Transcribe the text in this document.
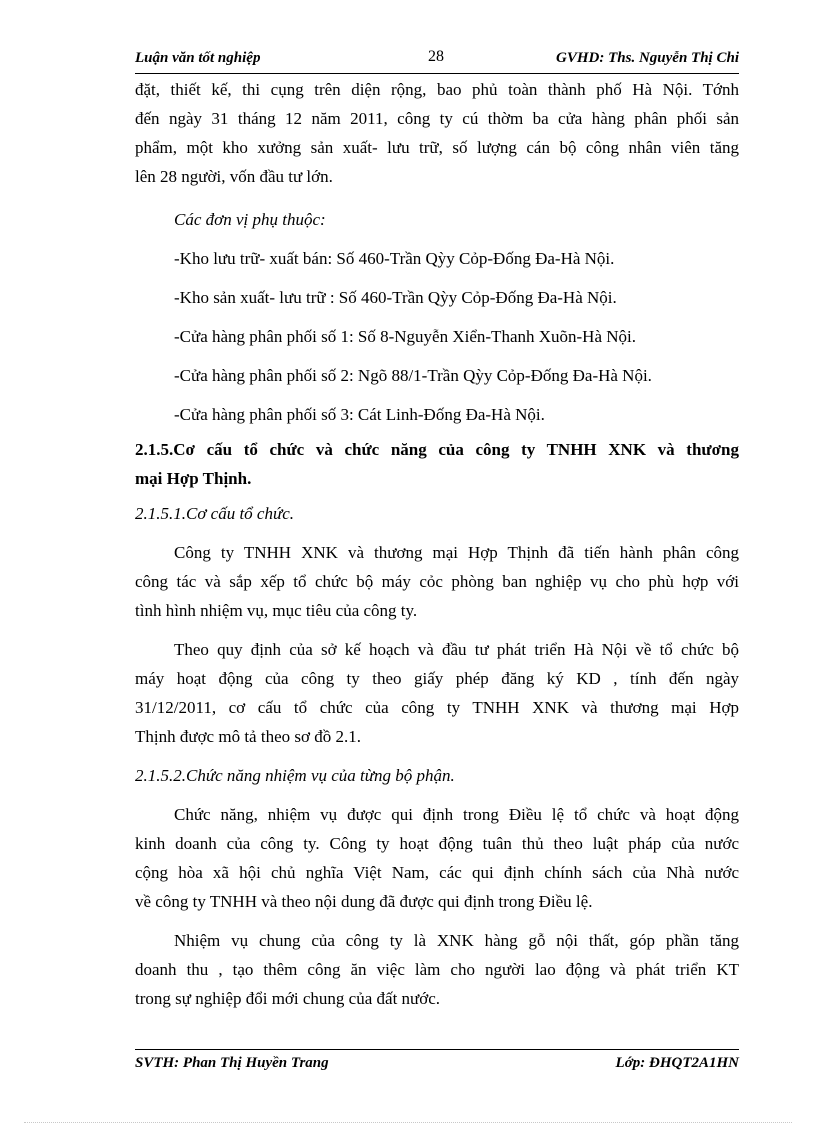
Luận văn tốt nghiệp	28	GVHD: Ths. Nguyễn Thị Chi

đặt, thiết kế, thi cụng trên diện rộng, bao phủ toàn thành phố Hà Nội. Tớnh

đến ngày 31 tháng 12 năm 2011, công ty cú thờm ba cửa hàng phân phối sản

phẩm, một kho xưởng sản xuất- lưu trữ, số lượng cán bộ công nhân viên tăng

lên 28 người, vốn đầu tư lớn.

Các đơn vị phụ thuộc:

-Kho lưu trữ- xuất bán: Số 460-Trần Qỳy Cỏp-Đống Đa-Hà Nội.

-Kho sản xuất- lưu trữ : Số 460-Trần Qỳy Cỏp-Đống Đa-Hà Nội.

-Cửa hàng phân phối số 1: Số 8-Nguyễn Xiển-Thanh Xuõn-Hà Nội.

-Cửa hàng phân phối số 2: Ngõ 88/1-Trần Qỳy Cỏp-Đống Đa-Hà Nội.

-Cửa hàng phân phối số 3: Cát Linh-Đống Đa-Hà Nội.

2.1.5.Cơ cấu tổ chức và chức năng của công ty TNHH XNK và thương

mại Hợp Thịnh.

2.1.5.1.Cơ cấu tổ chức.

Công ty TNHH XNK và thương mại Hợp Thịnh đã tiến hành phân công

công tác và sắp xếp tổ chức bộ máy cỏc phòng ban nghiệp vụ cho phù hợp với

tình hình nhiệm vụ, mục tiêu của công ty.

Theo quy định của sở kế hoạch và đầu tư phát triển Hà Nội về tổ chức bộ

máy hoạt động của công ty theo giấy phép đăng ký KD , tính đến ngày

31/12/2011, cơ cấu tổ chức của công ty TNHH XNK và thương mại Hợp

Thịnh được mô tả theo sơ đồ 2.1.

2.1.5.2.Chức năng nhiệm vụ của từng bộ phận.

Chức năng, nhiệm vụ được qui định trong Điều lệ tổ chức và hoạt động

kinh doanh của công ty. Công ty hoạt động tuân thủ theo luật pháp của nước

cộng hòa xã hội chủ nghĩa Việt Nam, các qui định chính sách của Nhà nước

về công ty TNHH và theo nội dung đã được qui định trong Điều lệ.

Nhiệm vụ chung của công ty là XNK hàng gỗ nội thất, góp phần tăng

doanh thu , tạo thêm công ăn việc làm cho người lao động và phát triển KT

trong sự nghiệp đổi mới chung của đất nước.

SVTH: Phan Thị Huyền Trang	Lớp: ĐHQT2A1HN
